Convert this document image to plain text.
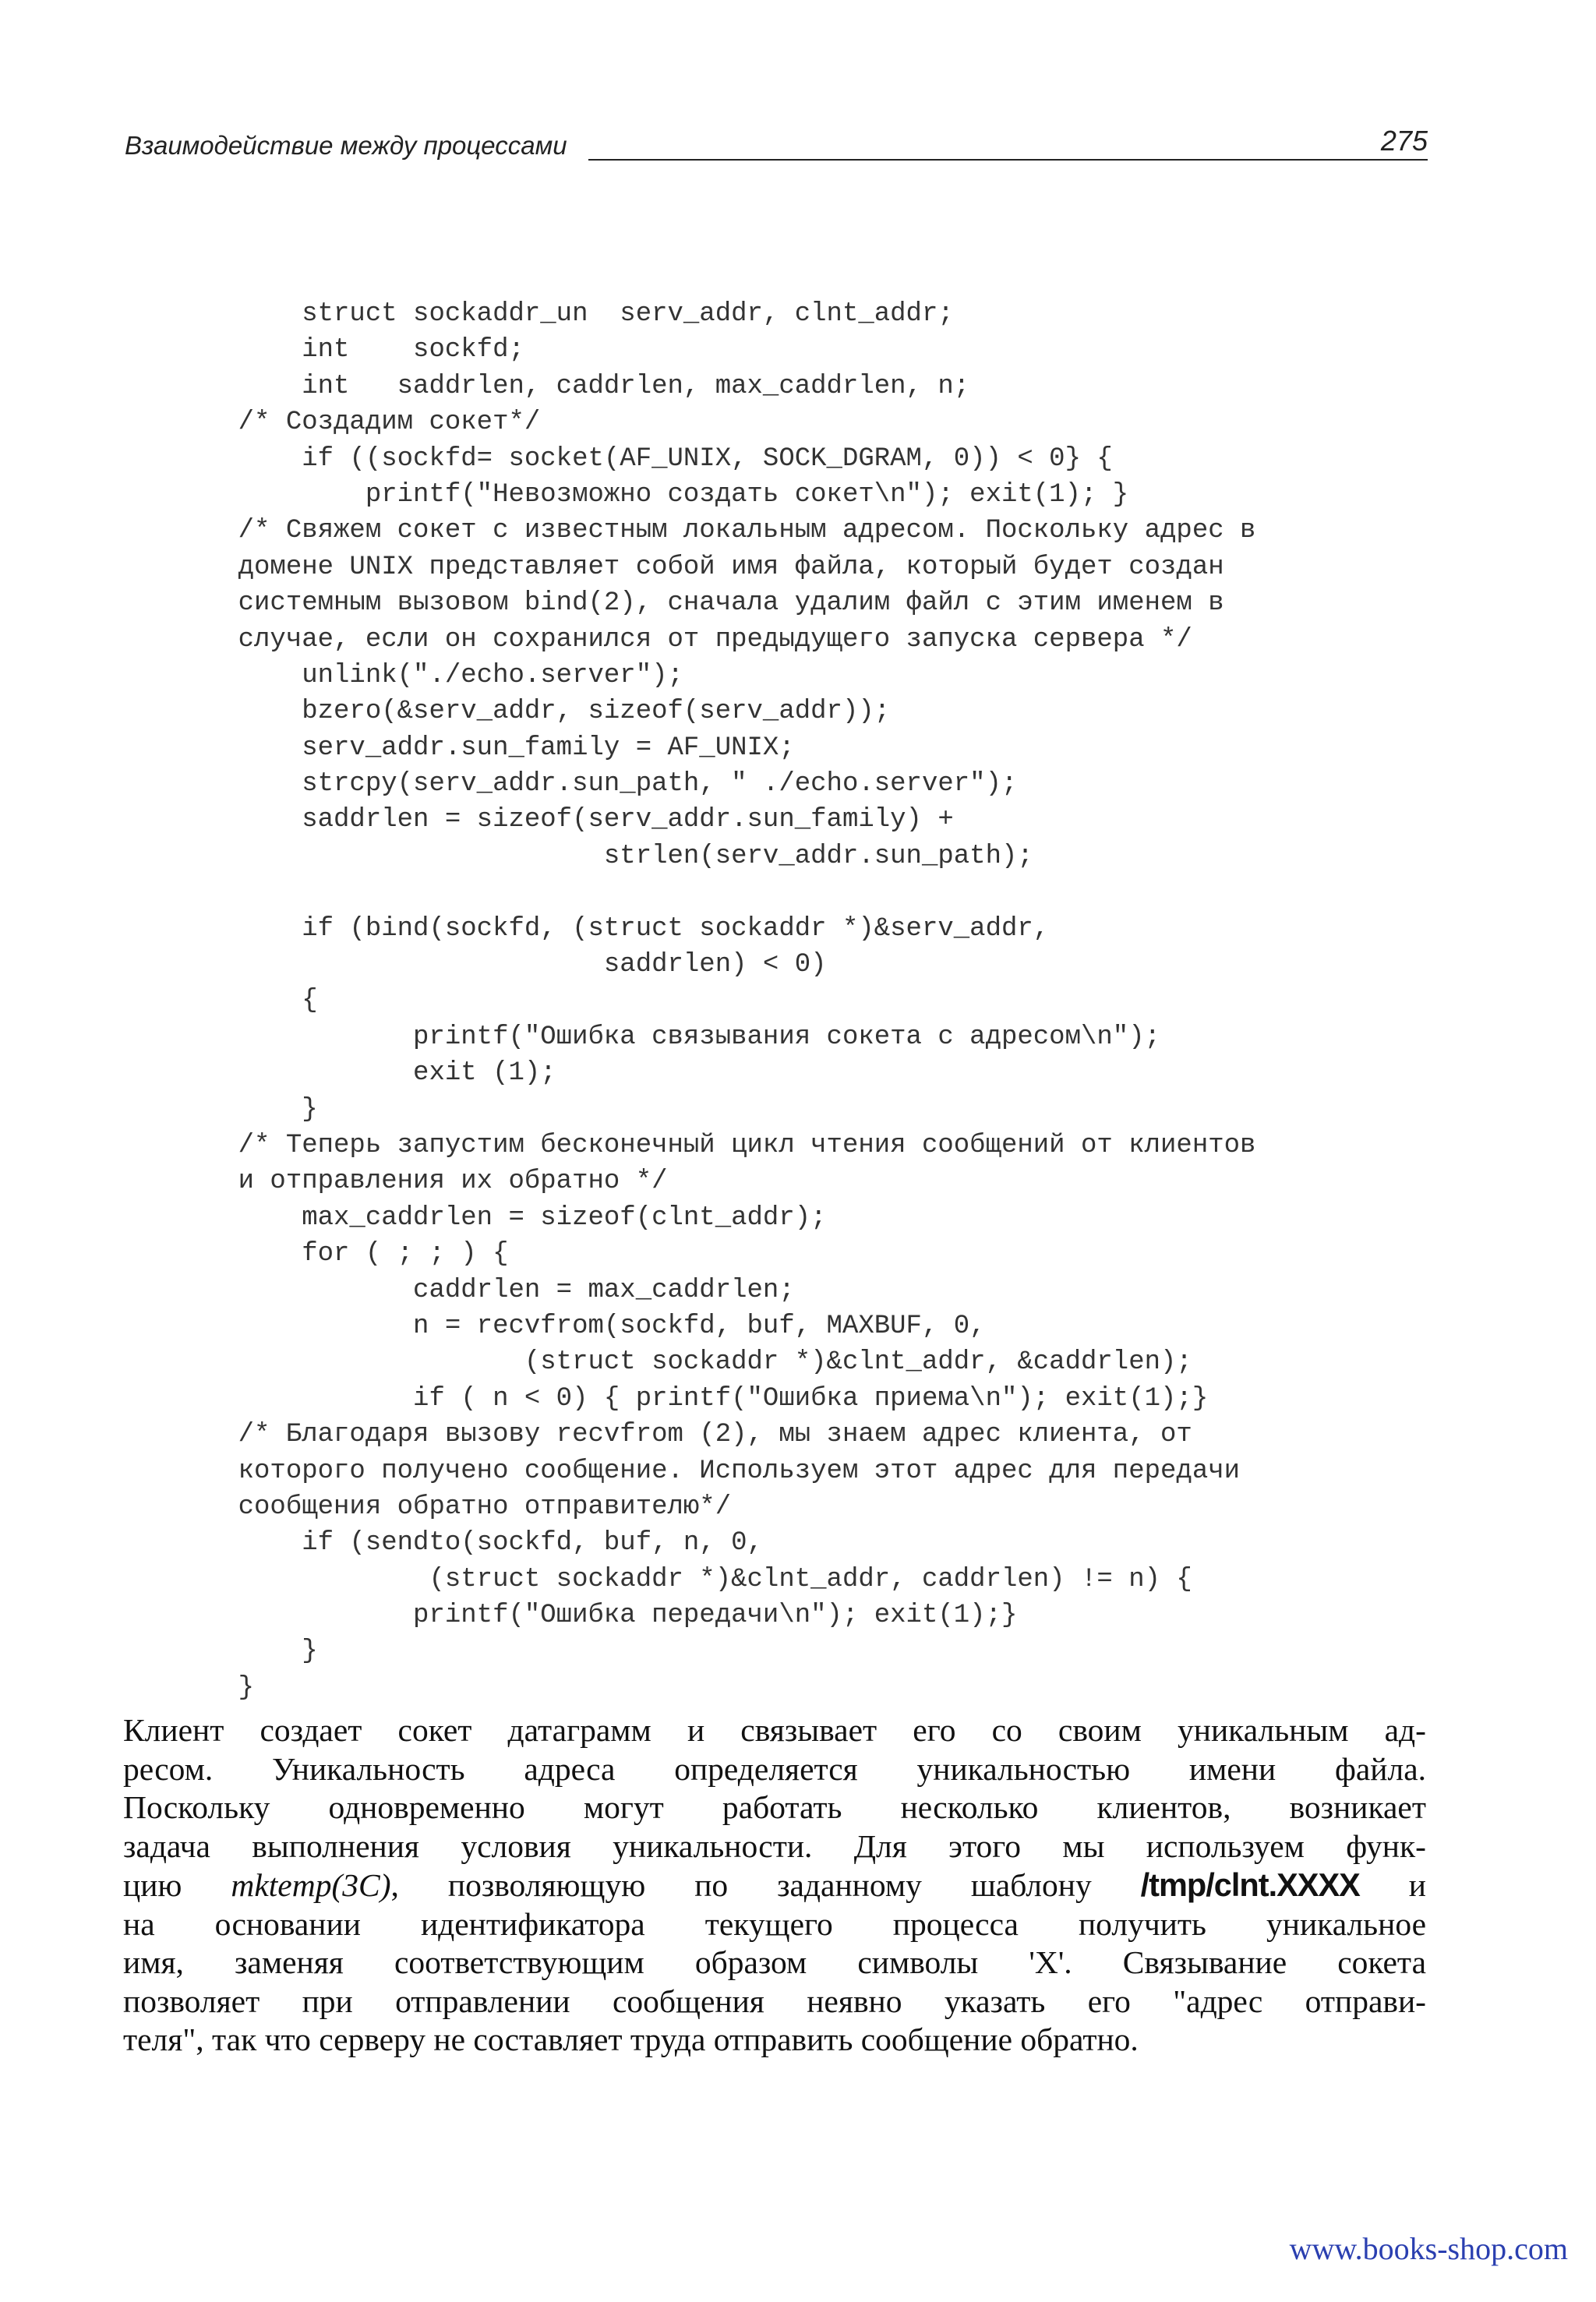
Взаимодействие между процессами	275
struct sockaddr_un  serv_addr, clnt_addr;
int    sockfd;
int   saddrlen, caddrlen, max_caddrlen, n;
/* Создадим сокет*/
if ((sockfd= socket(AF_UNIX, SOCK_DGRAM, 0)) < 0} {
printf("Невозможно создать сокет\n"); exit(1); }
/* Свяжем сокет с известным локальным адресом. Поскольку адрес в
домене UNIX представляет собой имя файла, который будет создан
системным вызовом bind(2), сначала удалим файл с этим именем в
случае, если он сохранился от предыдущего запуска сервера */
unlink("./echo.server");
bzero(&serv_addr, sizeof(serv_addr));
serv_addr.sun_family = AF_UNIX;
strcpy(serv_addr.sun_path, " ./echo.server");
saddrlen = sizeof(serv_addr.sun_family) +
strlen(serv_addr.sun_path);
if (bind(sockfd, (struct sockaddr *)&serv_addr,
saddrlen) < 0)
{
printf("Ошибка связывания сокета с адресом\n");
exit (1);
}
/* Теперь запустим бесконечный цикл чтения сообщений от клиентов
и отправления их обратно */
max_caddrlen = sizeof(clnt_addr);
for ( ; ; ) {
caddrlen = max_caddrlen;
n = recvfrom(sockfd, buf, MAXBUF, 0,
(struct sockaddr *)&clnt_addr, &caddrlen);
if ( n < 0) { printf("Ошибка приема\n"); exit(1);}
/* Благодаря вызову recvfrom (2), мы знаем адрес клиента, от
которого получено сообщение. Используем этот адрес для передачи
сообщения обратно отправителю*/
if (sendto(sockfd, buf, n, 0,
(struct sockaddr *)&clnt_addr, caddrlen) != n) {
printf("Ошибка передачи\n"); exit(1);}
}
}
Клиент создает сокет датаграмм и связывает его со своим уникальным ад-
ресом. Уникальность адреса определяется уникальностью имени файла.
Поскольку одновременно могут работать несколько клиентов, возникает
задача выполнения условия уникальности. Для этого мы используем функ-
цию mktemp(3C), позволяющую по заданному шаблону /tmp/clnt.XXXX и
на основании идентификатора текущего процесса получить уникальное
имя, заменяя соответствующим образом символы 'X'. Связывание сокета
позволяет при отправлении сообщения неявно указать его "адрес отправи-
теля", так что серверу не составляет труда отправить сообщение обратно.
www.books-shop.com
